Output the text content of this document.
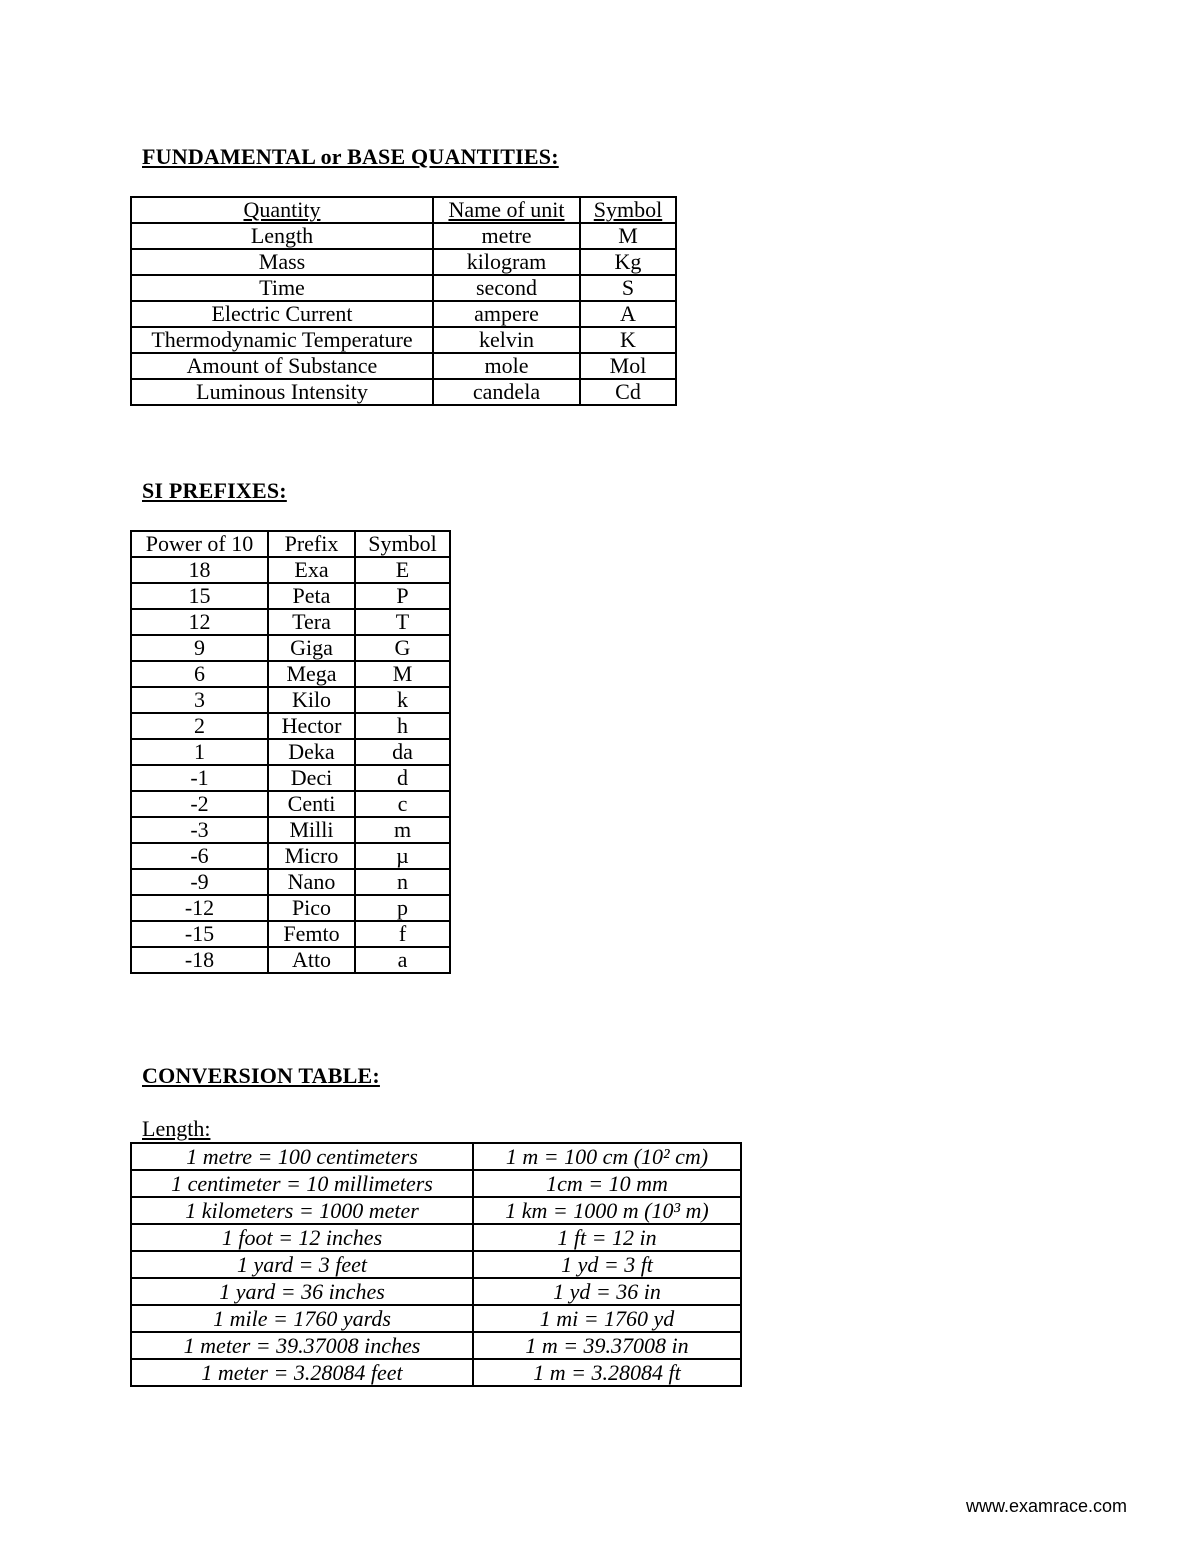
FUNDAMENTAL or BASE QUANTITIES:
Quantity	Name of unit	Symbol
Length	metre	M
Mass	kilogram	Kg
Time	second	S
Electric Current	ampere	A
Thermodynamic Temperature	kelvin	K
Amount of Substance	mole	Mol
Luminous Intensity	candela	Cd
SI PREFIXES:
Power of 10	Prefix	Symbol
18	Exa	E
15	Peta	P
12	Tera	T
9	Giga	G
6	Mega	M
3	Kilo	k
2	Hector	h
1	Deka	da
-1	Deci	d
-2	Centi	c
-3	Milli	m
-6	Micro	µ
-9	Nano	n
-12	Pico	p
-15	Femto	f
-18	Atto	a
CONVERSION TABLE:

Length:

1 metre = 100 centimeters	1 m = 100 cm (10² cm)
1 centimeter = 10 millimeters	1cm = 10 mm
1 kilometers = 1000 meter	1 km = 1000 m (10³ m)
1 foot = 12 inches	1 ft = 12 in
1 yard = 3 feet	1 yd = 3 ft
1 yard = 36 inches	1 yd = 36 in
1 mile = 1760 yards	1 mi = 1760 yd
1 meter = 39.37008 inches	1 m = 39.37008 in
1 meter = 3.28084 feet	1 m = 3.28084 ft
www.examrace.com
